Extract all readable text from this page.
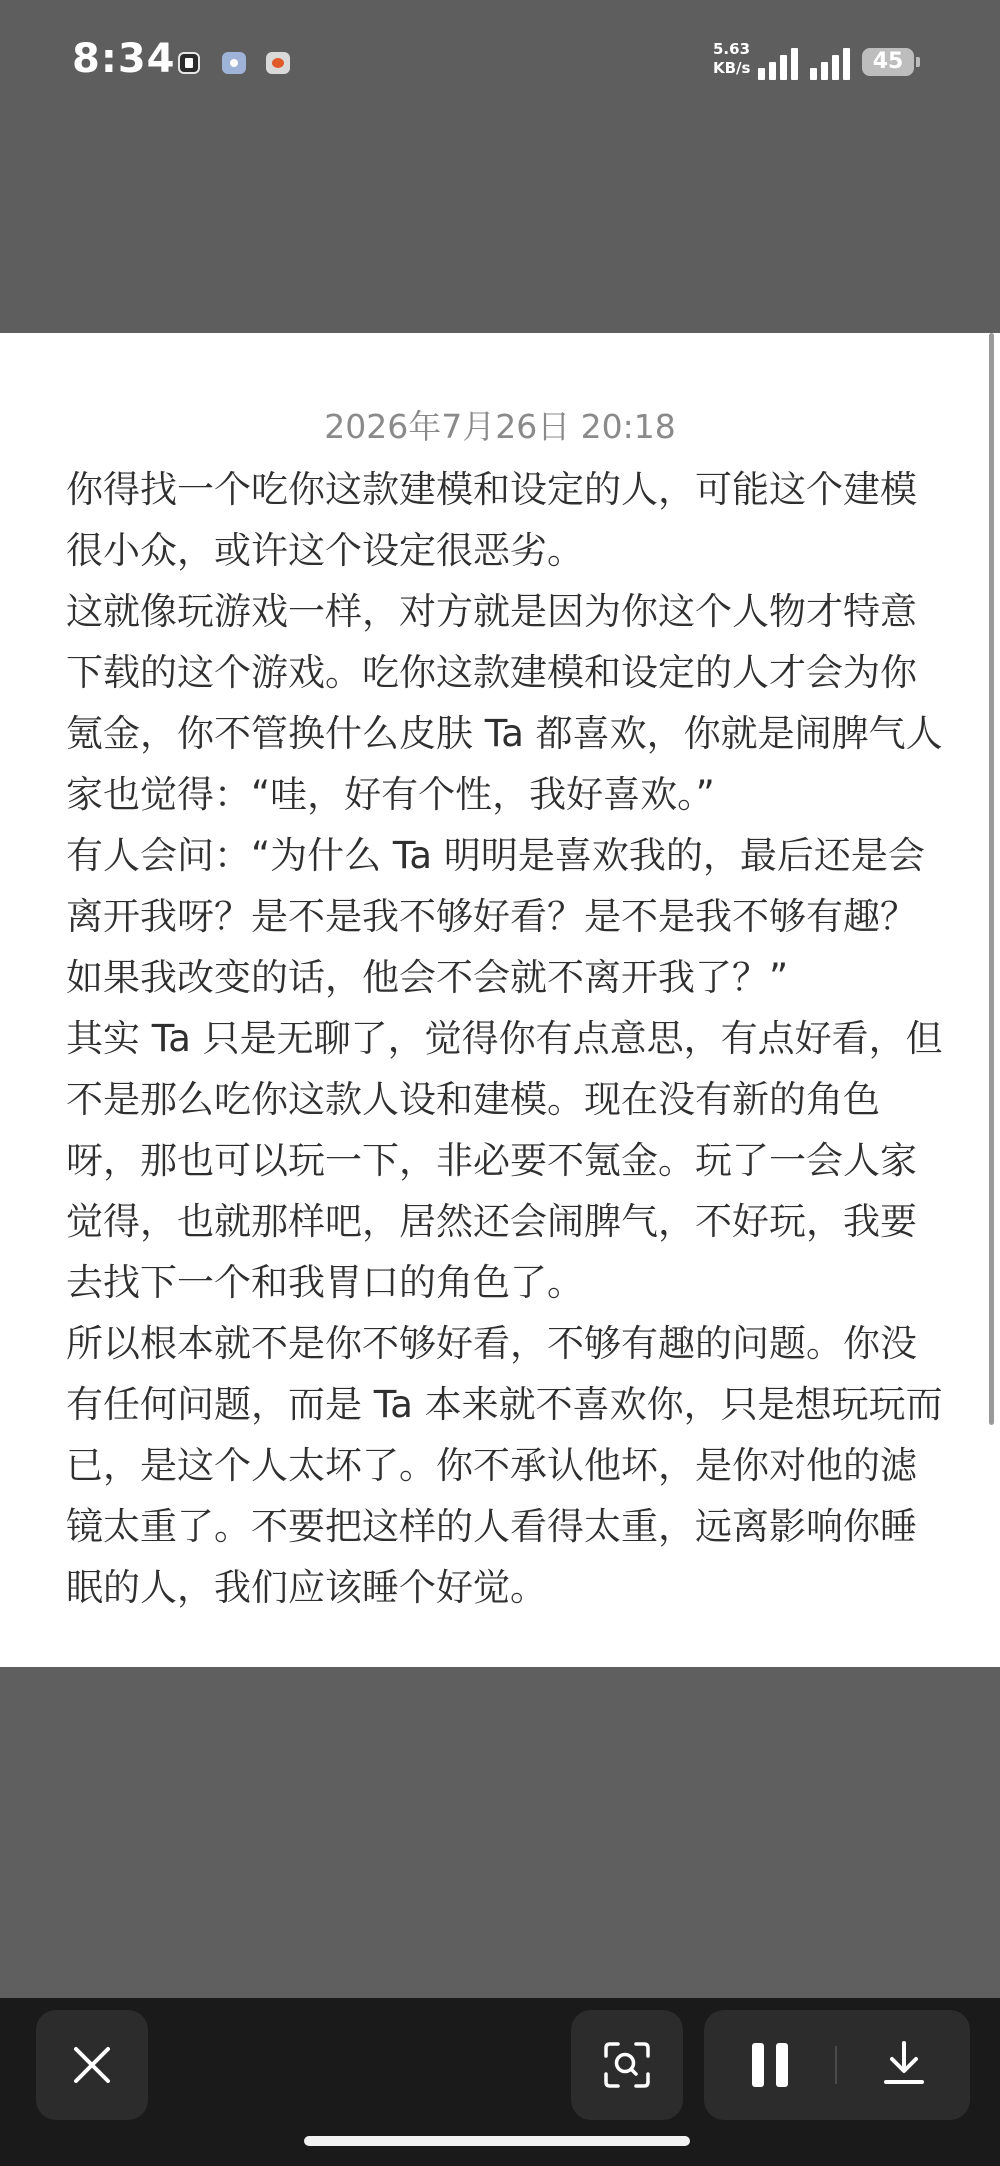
8:34	5.63
KB/s	45
2026年7月26日 20:18

你得找一个吃你这款建模和设定的人，可能这个建模很小众，或许这个设定很恶劣。

这就像玩游戏一样，对方就是因为你这个人物才特意下载的这个游戏。吃你这款建模和设定的人才会为你氪金，你不管换什么皮肤 Ta 都喜欢，你就是闹脾气人家也觉得：“哇，好有个性，我好喜欢。”

有人会问：“为什么 Ta 明明是喜欢我的，最后还是会离开我呀？是不是我不够好看？是不是我不够有趣？如果我改变的话，他会不会就不离开我了？”

其实 Ta 只是无聊了，觉得你有点意思，有点好看，但不是那么吃你这款人设和建模。现在没有新的角色呀，那也可以玩一下，非必要不氪金。玩了一会人家觉得，也就那样吧，居然还会闹脾气，不好玩，我要去找下一个和我胃口的角色了。

所以根本就不是你不够好看，不够有趣的问题。你没有任何问题，而是 Ta 本来就不喜欢你，只是想玩玩而已，是这个人太坏了。你不承认他坏，是你对他的滤镜太重了。不要把这样的人看得太重，远离影响你睡眠的人，我们应该睡个好觉。
